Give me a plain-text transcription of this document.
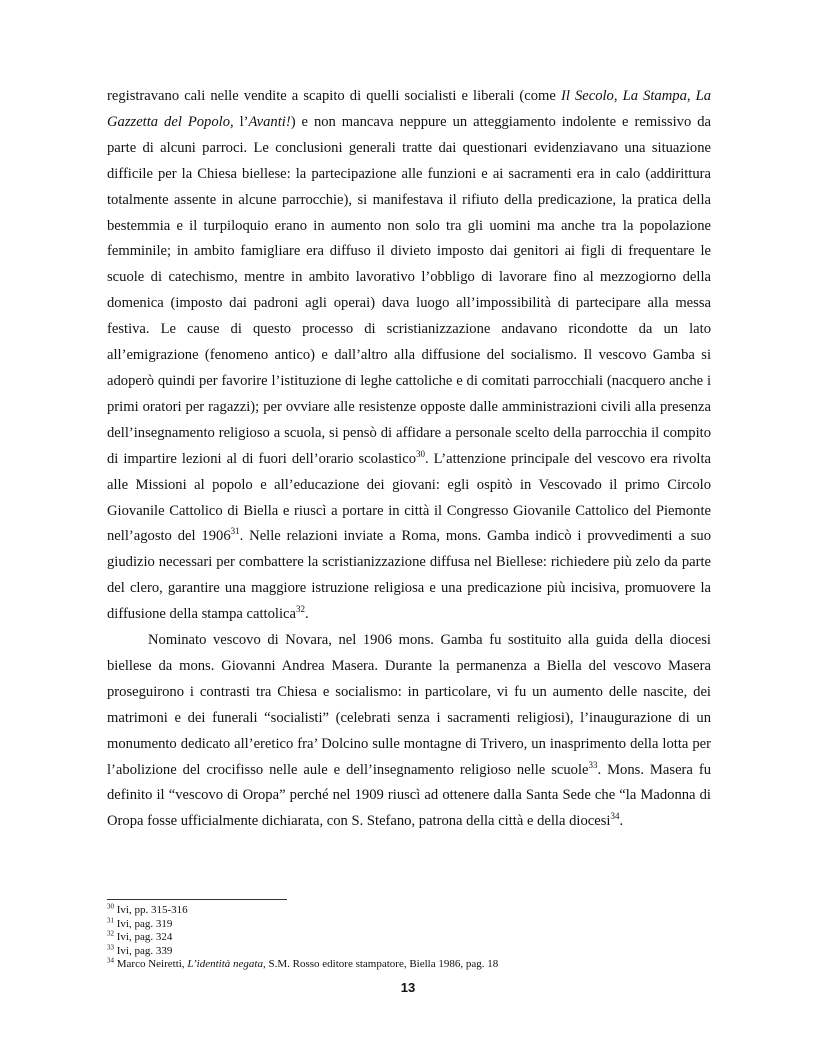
registravano cali nelle vendite a scapito di quelli socialisti e liberali (come Il Secolo, La Stampa, La Gazzetta del Popolo, l’Avanti!) e non mancava neppure un atteggiamento indolente e remissivo da parte di alcuni parroci. Le conclusioni generali tratte dai questionari evidenziavano una situazione difficile per la Chiesa biellese: la partecipazione alle funzioni e ai sacramenti era in calo (addirittura totalmente assente in alcune parrocchie), si manifestava il rifiuto della predicazione, la pratica della bestemmia e il turpiloquio erano in aumento non solo tra gli uomini ma anche tra la popolazione femminile; in ambito famigliare era diffuso il divieto imposto dai genitori ai figli di frequentare le scuole di catechismo, mentre in ambito lavorativo l’obbligo di lavorare fino al mezzogiorno della domenica (imposto dai padroni agli operai) dava luogo all’impossibilità di partecipare alla messa festiva. Le cause di questo processo di scristianizzazione andavano ricondotte da un lato all’emigrazione (fenomeno antico) e dall’altro alla diffusione del socialismo. Il vescovo Gamba si adoperò quindi per favorire l’istituzione di leghe cattoliche e di comitati parrocchiali (nacquero anche i primi oratori per ragazzi); per ovviare alle resistenze opposte dalle amministrazioni civili alla presenza dell’insegnamento religioso a scuola, si pensò di affidare a personale scelto della parrocchia il compito di impartire lezioni al di fuori dell’orario scolastico$^{30}$. L’attenzione principale del vescovo era rivolta alle Missioni al popolo e all’educazione dei giovani: egli ospitò in Vescovado il primo Circolo Giovanile Cattolico di Biella e riuscì a portare in città il Congresso Giovanile Cattolico del Piemonte nell’agosto del 1906$^{31}$. Nelle relazioni inviate a Roma, mons. Gamba indicò i provvedimenti a suo giudizio necessari per combattere la scristianizzazione diffusa nel Biellese: richiedere più zelo da parte del clero, garantire una maggiore istruzione religiosa e una predicazione più incisiva, promuovere la diffusione della stampa cattolica$^{32}$.

Nominato vescovo di Novara, nel 1906 mons. Gamba fu sostituito alla guida della diocesi biellese da mons. Giovanni Andrea Masera. Durante la permanenza a Biella del vescovo Masera proseguirono i contrasti tra Chiesa e socialismo: in particolare, vi fu un aumento delle nascite, dei matrimoni e dei funerali “socialisti” (celebrati senza i sacramenti religiosi), l’inaugurazione di un monumento dedicato all’eretico fra’ Dolcino sulle montagne di Trivero, un inasprimento della lotta per l’abolizione del crocifisso nelle aule e dell’insegnamento religioso nelle scuole$^{33}$. Mons. Masera fu definito il “vescovo di Oropa” perché nel 1909 riuscì ad ottenere dalla Santa Sede che “la Madonna di Oropa fosse ufficialmente dichiarata, con S. Stefano, patrona della città e della diocesi$^{34}$.

$^{30}$ Ivi, pp. 315-316

$^{31}$ Ivi, pag. 319

$^{32}$ Ivi, pag. 324

$^{33}$ Ivi, pag. 339

$^{34}$ Marco Neiretti, L’identità negata, S.M. Rosso editore stampatore, Biella 1986, pag. 18

13
